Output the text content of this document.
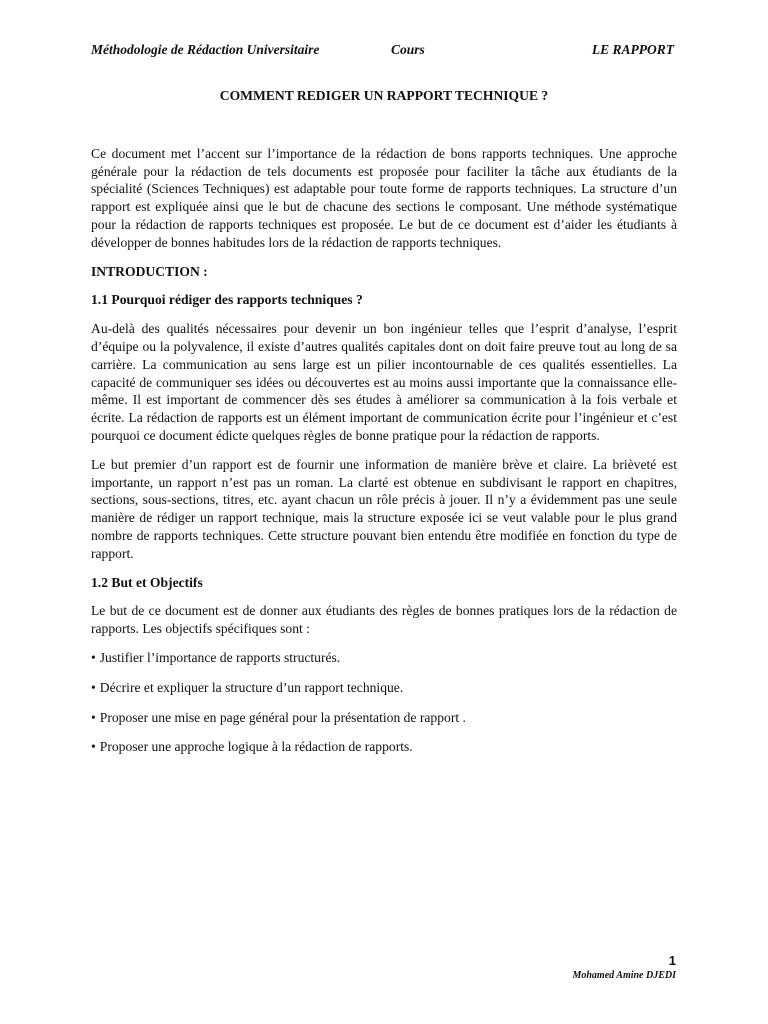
Méthodologie de Rédaction Universitaire	Cours	LE RAPPORT

COMMENT REDIGER UN RAPPORT TECHNIQUE ?

Ce document met l’accent sur l’importance de la rédaction de bons rapports techniques. Une approche générale pour la rédaction de tels documents est proposée pour faciliter la tâche aux étudiants de la spécialité (Sciences Techniques) est adaptable pour toute forme de rapports techniques. La structure d’un rapport est expliquée ainsi que le but de chacune des sections le composant. Une méthode systématique pour la rédaction de rapports techniques est proposée. Le but de ce document est d’aider les étudiants à développer de bonnes habitudes lors de la rédaction de rapports techniques.

INTRODUCTION :

1.1 Pourquoi rédiger des rapports techniques ?

Au-delà des qualités nécessaires pour devenir un bon ingénieur telles que l’esprit d’analyse, l’esprit d’équipe ou la polyvalence, il existe d’autres qualités capitales dont on doit faire preuve tout au long de sa carrière. La communication au sens large est un pilier incontournable de ces qualités essentielles. La capacité de communiquer ses idées ou découvertes est au moins aussi importante que la connaissance elle-même. Il est important de commencer dès ses études à améliorer sa communication à la fois verbale et écrite. La rédaction de rapports est un élément important de communication écrite pour l’ingénieur et c’est pourquoi ce document édicte quelques règles de bonne pratique pour la rédaction de rapports.

Le but premier d’un rapport est de fournir une information de manière brève et claire. La brièveté est importante, un rapport n’est pas un roman. La clarté est obtenue en subdivisant le rapport en chapitres, sections, sous-sections, titres, etc. ayant chacun un rôle précis à jouer. Il n’y a évidemment pas une seule manière de rédiger un rapport technique, mais la structure exposée ici se veut valable pour le plus grand nombre de rapports techniques. Cette structure pouvant bien entendu être modifiée en fonction du type de rapport.

1.2 But et Objectifs

Le but de ce document est de donner aux étudiants des règles de bonnes pratiques lors de la rédaction de rapports. Les objectifs spécifiques sont :

• Justifier l’importance de rapports structurés.
• Décrire et expliquer la structure d’un rapport technique.
• Proposer une mise en page général pour la présentation de rapport .
• Proposer une approche logique à la rédaction de rapports.
1
Mohamed Amine DJEDI
